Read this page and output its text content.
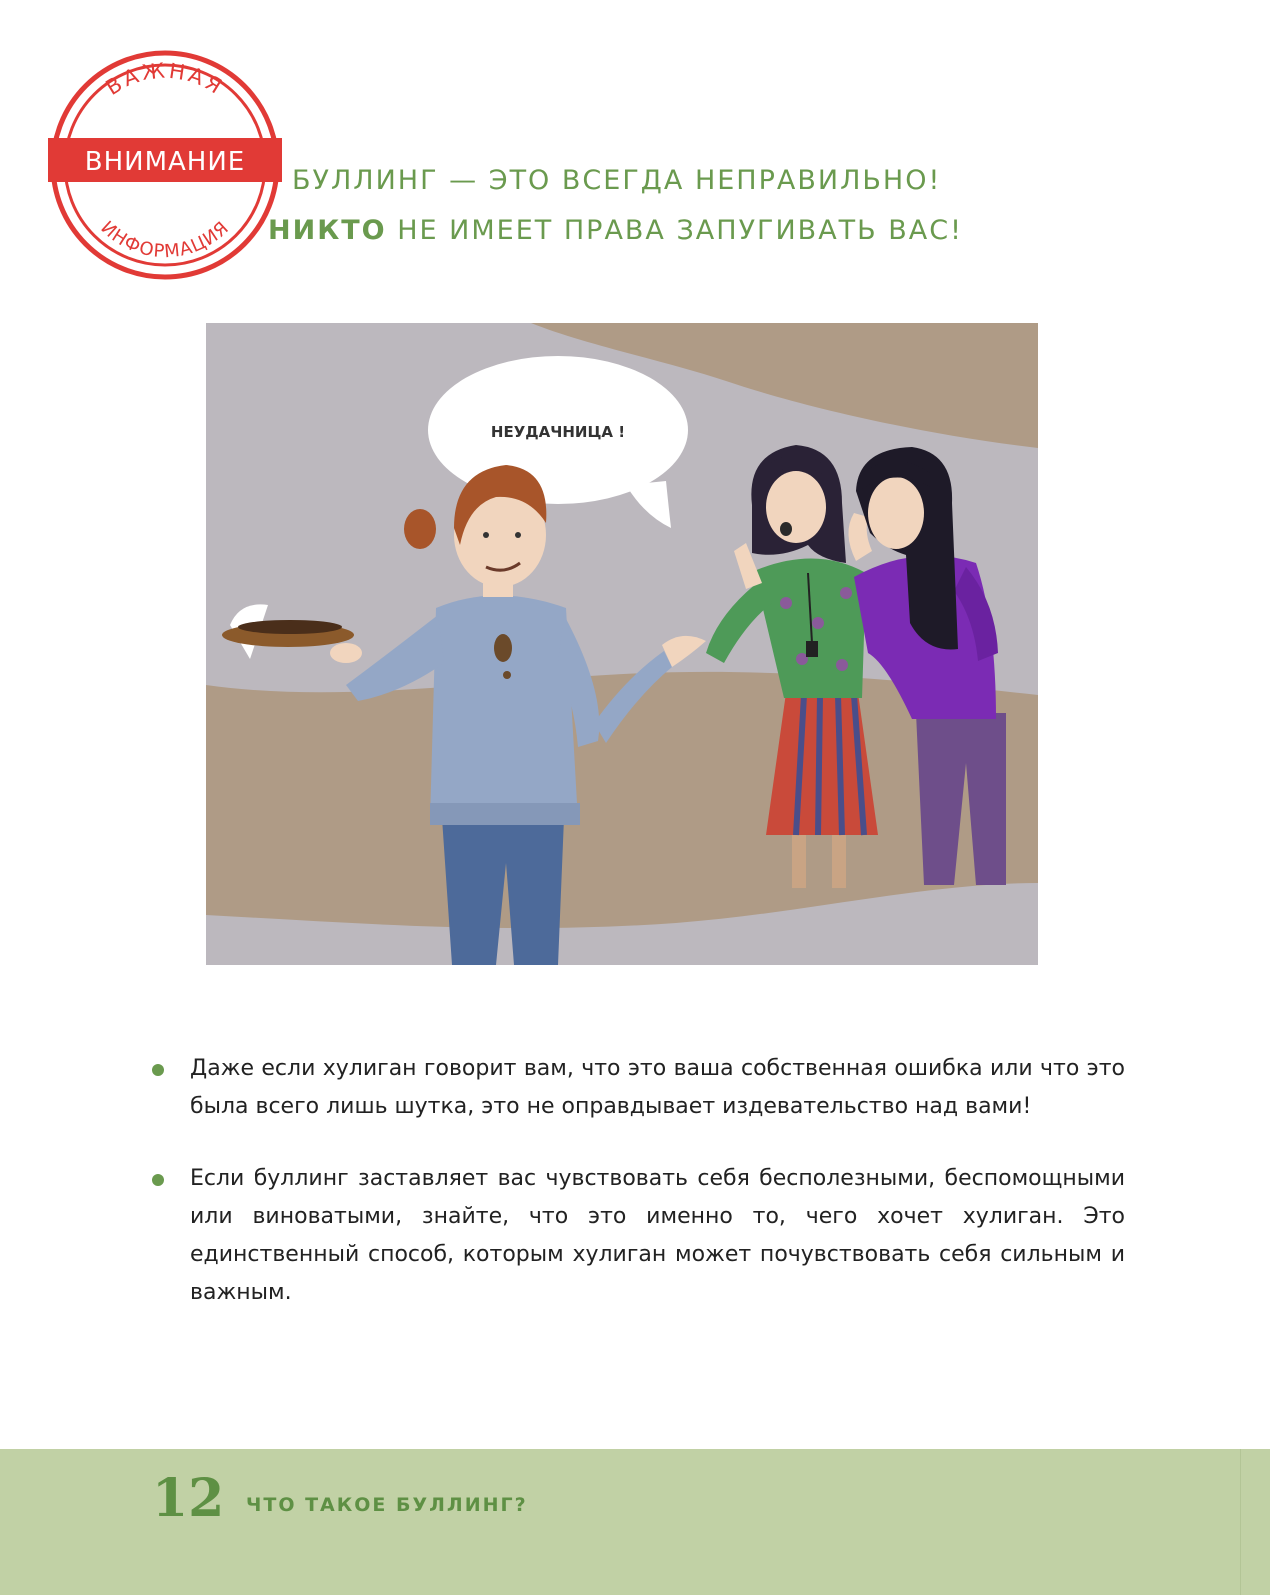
ВАЖНАЯ
ВНИМАНИЕ
ИНФОРМАЦИЯ
БУЛЛИНГ — ЭТО ВСЕГДА НЕПРАВИЛЬНО!
НИКТО НЕ ИМЕЕТ ПРАВА ЗАПУГИВАТЬ ВАС!
НЕУДАЧНИЦА !
Даже если хулиган говорит вам, что это ваша собственная ошибка или что это была всего лишь шутка, это не оправдывает издевательство над вами!
Если буллинг заставляет вас чувствовать себя бесполезными, беспомощными или виноватыми, знайте, что это именно то, чего хочет хулиган. Это единственный способ, которым хулиган может почувствовать себя сильным и важным.
12 ЧТО ТАКОЕ БУЛЛИНГ?
